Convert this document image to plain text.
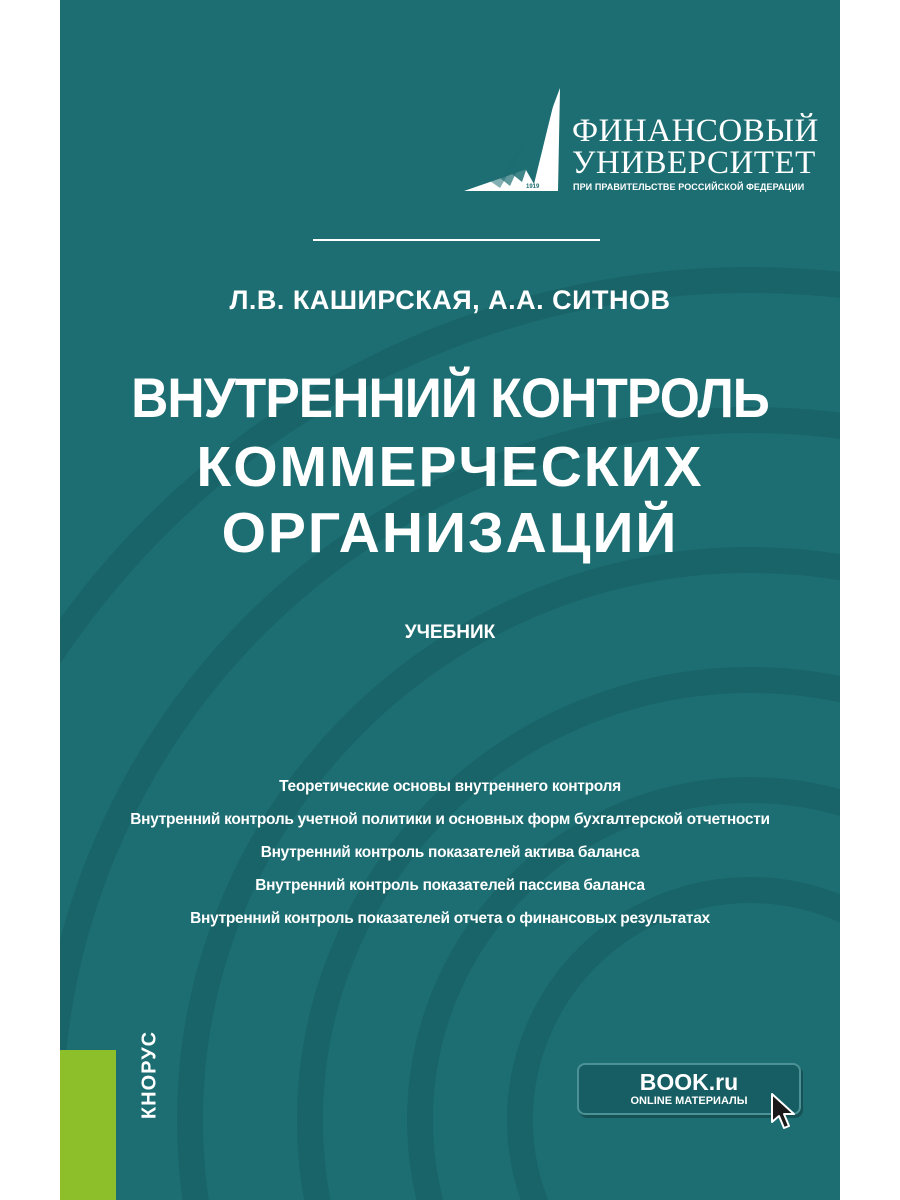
1919
ФИНАНСОВЫЙ
УНИВЕРСИТЕТ
ПРИ ПРАВИТЕЛЬСТВЕ РОССИЙСКОЙ ФЕДЕРАЦИИ
Л.В. КАШИРСКАЯ, А.А. СИТНОВ
ВНУТРЕННИЙ КОНТРОЛЬ
КОММЕРЧЕСКИХ
ОРГАНИЗАЦИЙ
УЧЕБНИК
Теоретические основы внутреннего контроля
Внутренний контроль учетной политики и основных форм бухгалтерской отчетности
Внутренний контроль показателей актива баланса
Внутренний контроль показателей пассива баланса
Внутренний контроль показателей отчета о финансовых результатах
КНОРУС	BOOK.ru
ONLINE МАТЕРИАЛЫ
